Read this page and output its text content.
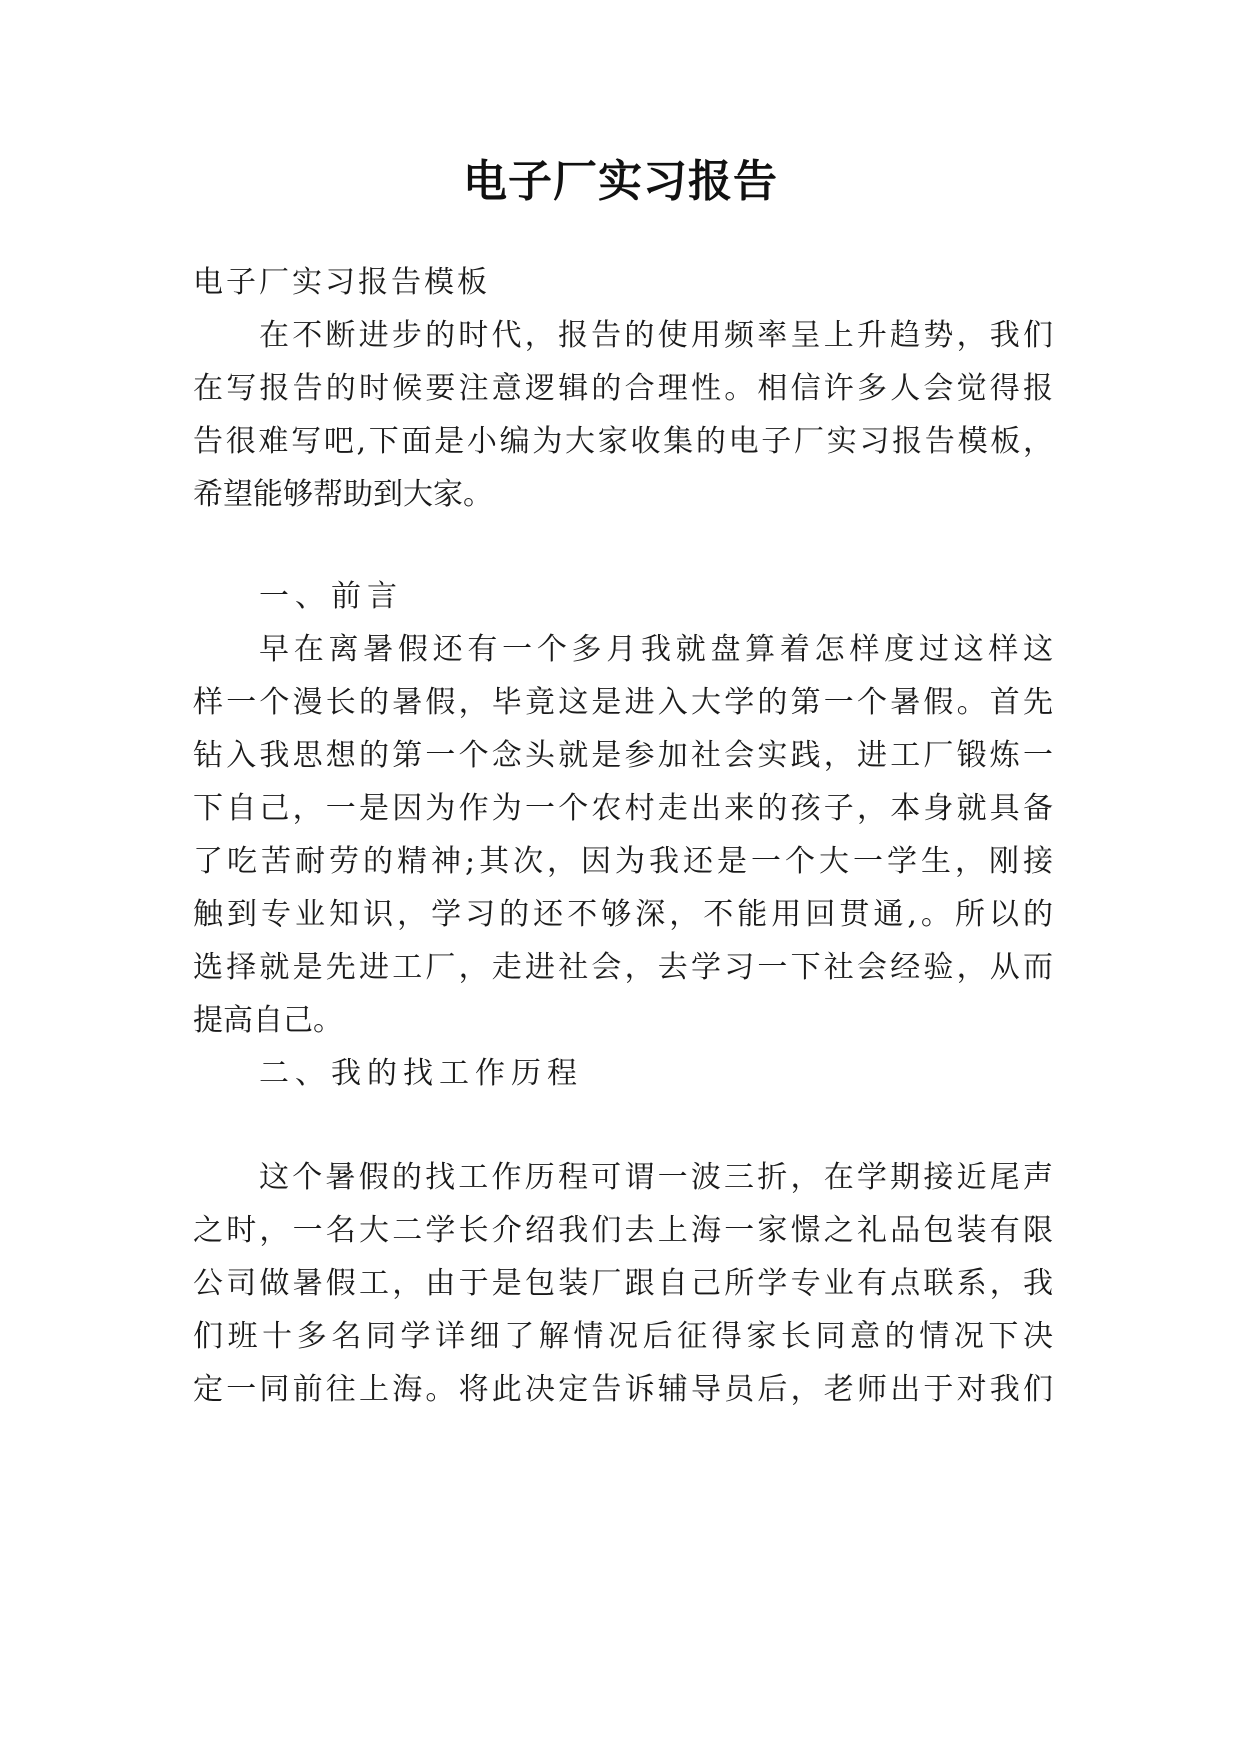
电子厂实习报告
电子厂实习报告模板
在不断进步的时代，报告的使用频率呈上升趋势，我们
在写报告的时候要注意逻辑的合理性。相信许多人会觉得报
告很难写吧,下面是小编为大家收集的电子厂实习报告模板，
希望能够帮助到大家。
一、前言
早在离暑假还有一个多月我就盘算着怎样度过这样这
样一个漫长的暑假，毕竟这是进入大学的第一个暑假。首先
钻入我思想的第一个念头就是参加社会实践，进工厂锻炼一
下自己，一是因为作为一个农村走出来的孩子，本身就具备
了吃苦耐劳的精神;其次，因为我还是一个大一学生，刚接
触到专业知识，学习的还不够深，不能用回贯通,。所以的
选择就是先进工厂，走进社会，去学习一下社会经验，从而
提高自己。
二、我的找工作历程
这个暑假的找工作历程可谓一波三折，在学期接近尾声
之时，一名大二学长介绍我们去上海一家憬之礼品包装有限
公司做暑假工，由于是包装厂跟自己所学专业有点联系，我
们班十多名同学详细了解情况后征得家长同意的情况下决
定一同前往上海。将此决定告诉辅导员后，老师出于对我们
